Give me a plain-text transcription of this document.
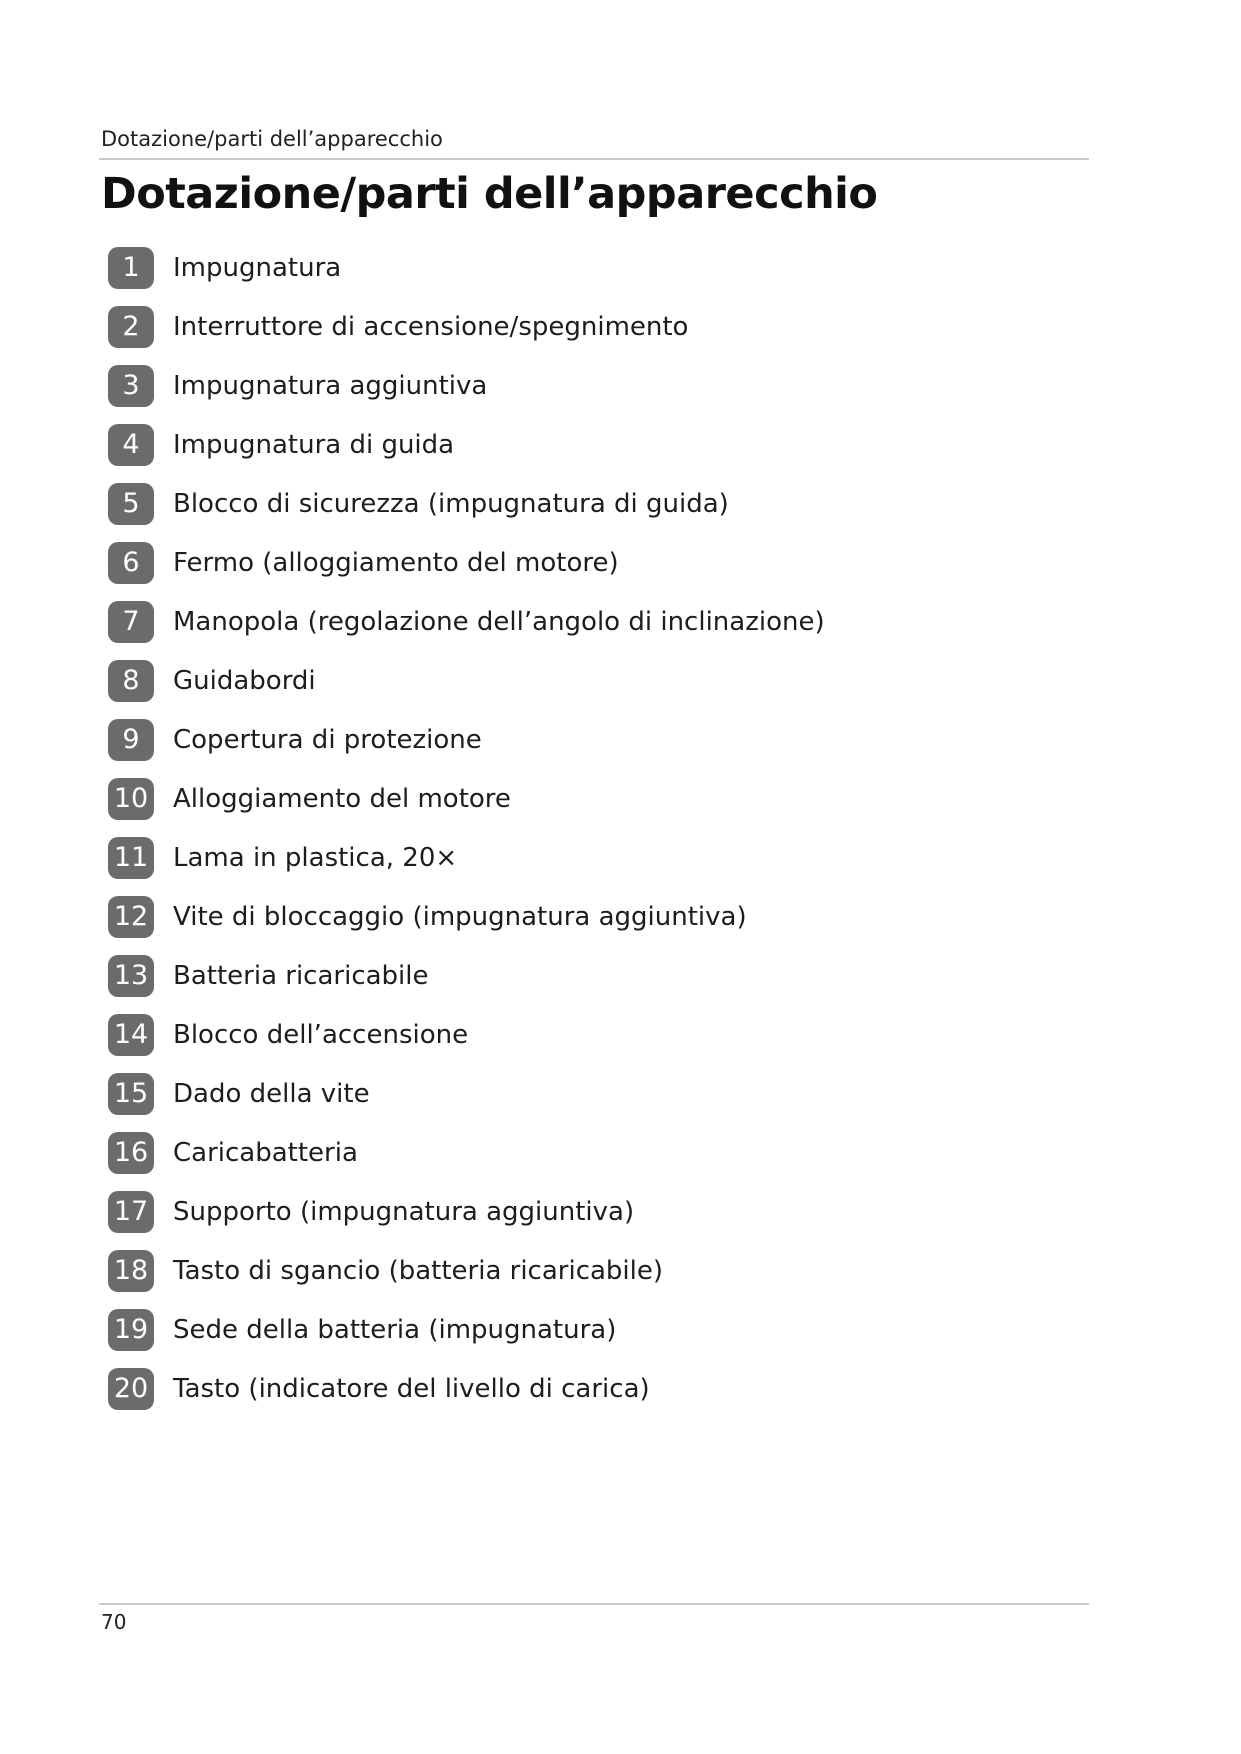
Dotazione/parti dell’apparecchio
Dotazione/parti dell’apparecchio
1	Impugnatura
2	Interruttore di accensione/spegnimento
3	Impugnatura aggiuntiva
4	Impugnatura di guida
5	Blocco di sicurezza (impugnatura di guida)
6	Fermo (alloggiamento del motore)
7	Manopola (regolazione dell’angolo di inclinazione)
8	Guidabordi
9	Copertura di protezione
10 Alloggiamento del motore
11 Lama in plastica, 20×
12 Vite di bloccaggio (impugnatura aggiuntiva)
13 Batteria ricaricabile
14 Blocco dell’accensione
15 Dado della vite
16 Caricabatteria
17 Supporto (impugnatura aggiuntiva)
18 Tasto di sgancio (batteria ricaricabile)
19 Sede della batteria (impugnatura)
20 Tasto (indicatore del livello di carica)
70
